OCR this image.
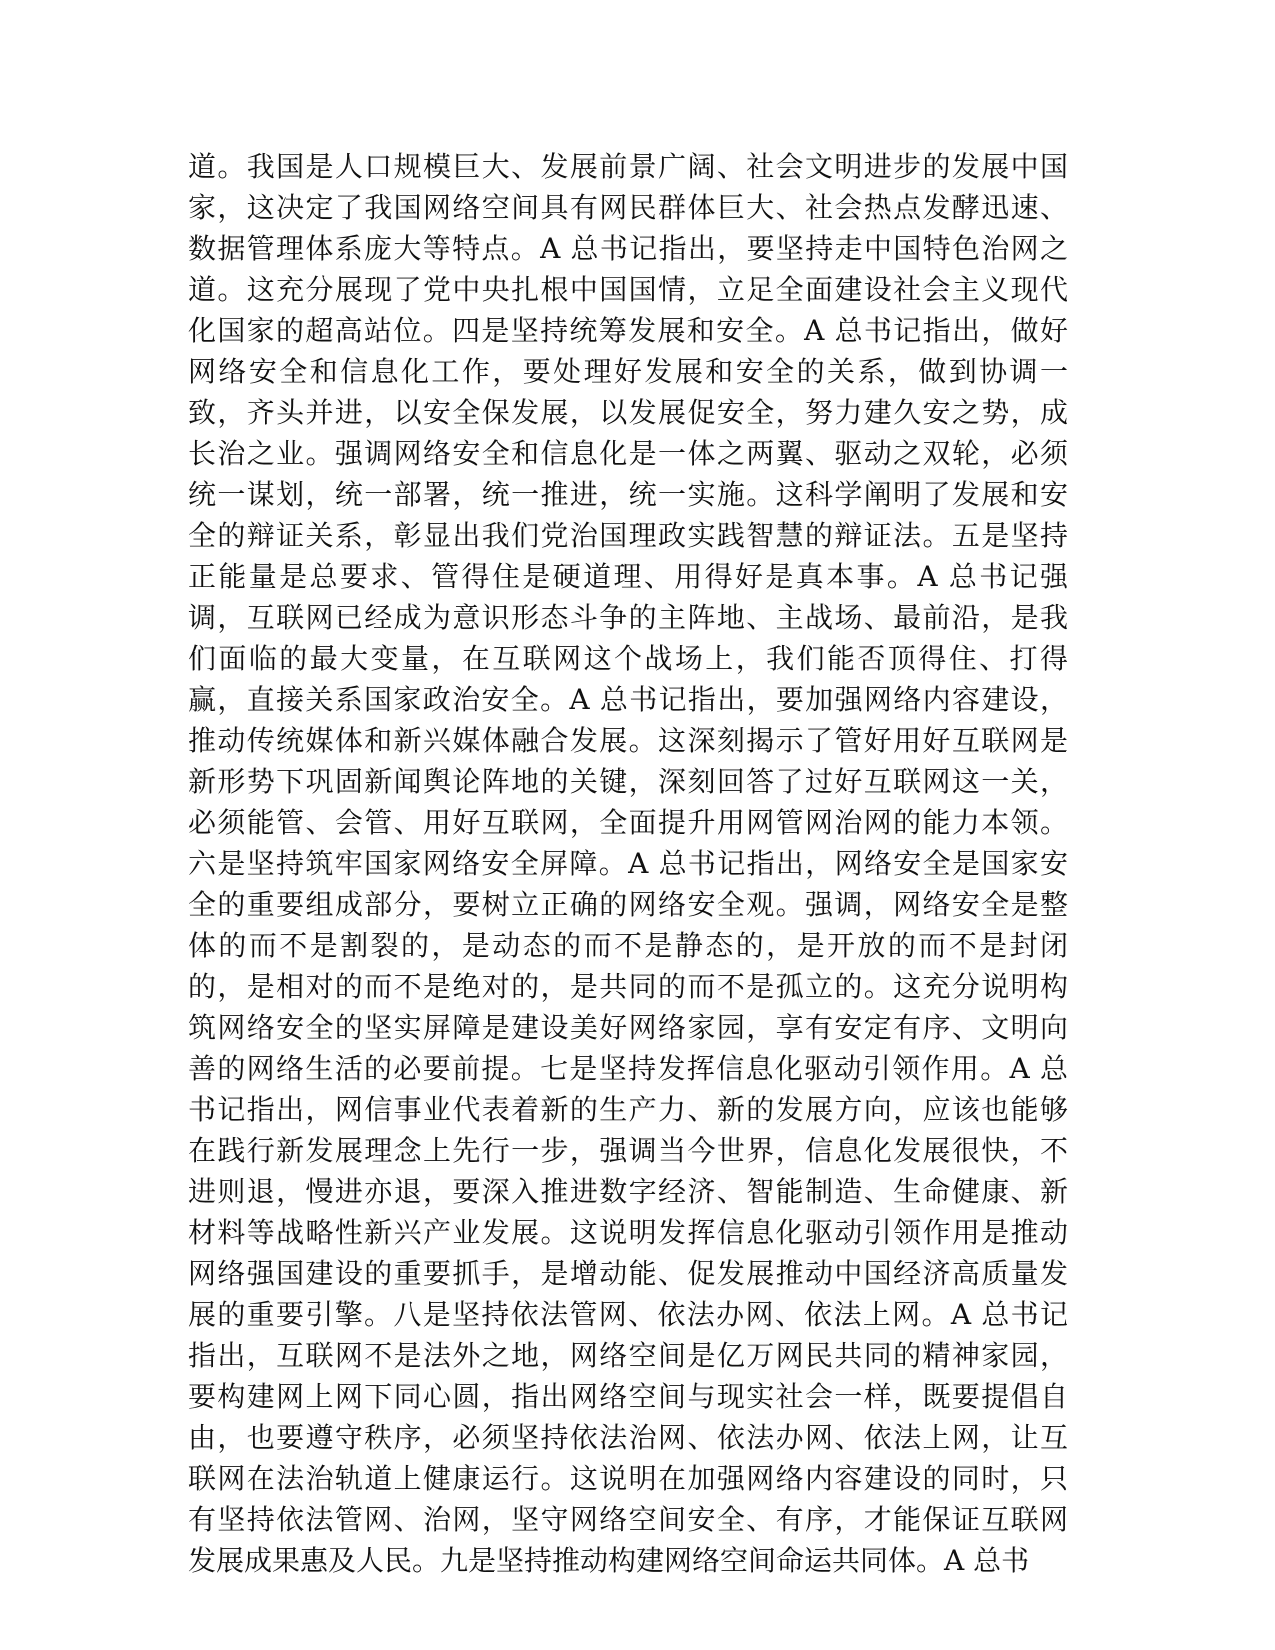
道。我国是人口规模巨大、发展前景广阔、社会文明进步的发展中国
家，这决定了我国网络空间具有网民群体巨大、社会热点发酵迅速、
数据管理体系庞大等特点。A 总书记指出，要坚持走中国特色治网之
道。这充分展现了党中央扎根中国国情，立足全面建设社会主义现代
化国家的超高站位。四是坚持统筹发展和安全。A 总书记指出，做好
网络安全和信息化工作，要处理好发展和安全的关系，做到协调一
致，齐头并进，以安全保发展，以发展促安全，努力建久安之势，成
长治之业。强调网络安全和信息化是一体之两翼、驱动之双轮，必须
统一谋划，统一部署，统一推进，统一实施。这科学阐明了发展和安
全的辩证关系，彰显出我们党治国理政实践智慧的辩证法。五是坚持
正能量是总要求、管得住是硬道理、用得好是真本事。A 总书记强
调，互联网已经成为意识形态斗争的主阵地、主战场、最前沿，是我
们面临的最大变量，在互联网这个战场上，我们能否顶得住、打得
赢，直接关系国家政治安全。A 总书记指出，要加强网络内容建设，
推动传统媒体和新兴媒体融合发展。这深刻揭示了管好用好互联网是
新形势下巩固新闻舆论阵地的关键，深刻回答了过好互联网这一关，
必须能管、会管、用好互联网，全面提升用网管网治网的能力本领。
六是坚持筑牢国家网络安全屏障。A 总书记指出，网络安全是国家安
全的重要组成部分，要树立正确的网络安全观。强调，网络安全是整
体的而不是割裂的，是动态的而不是静态的，是开放的而不是封闭
的，是相对的而不是绝对的，是共同的而不是孤立的。这充分说明构
筑网络安全的坚实屏障是建设美好网络家园，享有安定有序、文明向
善的网络生活的必要前提。七是坚持发挥信息化驱动引领作用。A 总
书记指出，网信事业代表着新的生产力、新的发展方向，应该也能够
在践行新发展理念上先行一步，强调当今世界，信息化发展很快，不
进则退，慢进亦退，要深入推进数字经济、智能制造、生命健康、新
材料等战略性新兴产业发展。这说明发挥信息化驱动引领作用是推动
网络强国建设的重要抓手，是增动能、促发展推动中国经济高质量发
展的重要引擎。八是坚持依法管网、依法办网、依法上网。A 总书记
指出，互联网不是法外之地，网络空间是亿万网民共同的精神家园，
要构建网上网下同心圆，指出网络空间与现实社会一样，既要提倡自
由，也要遵守秩序，必须坚持依法治网、依法办网、依法上网，让互
联网在法治轨道上健康运行。这说明在加强网络内容建设的同时，只
有坚持依法管网、治网，坚守网络空间安全、有序，才能保证互联网
发展成果惠及人民。九是坚持推动构建网络空间命运共同体。A 总书
